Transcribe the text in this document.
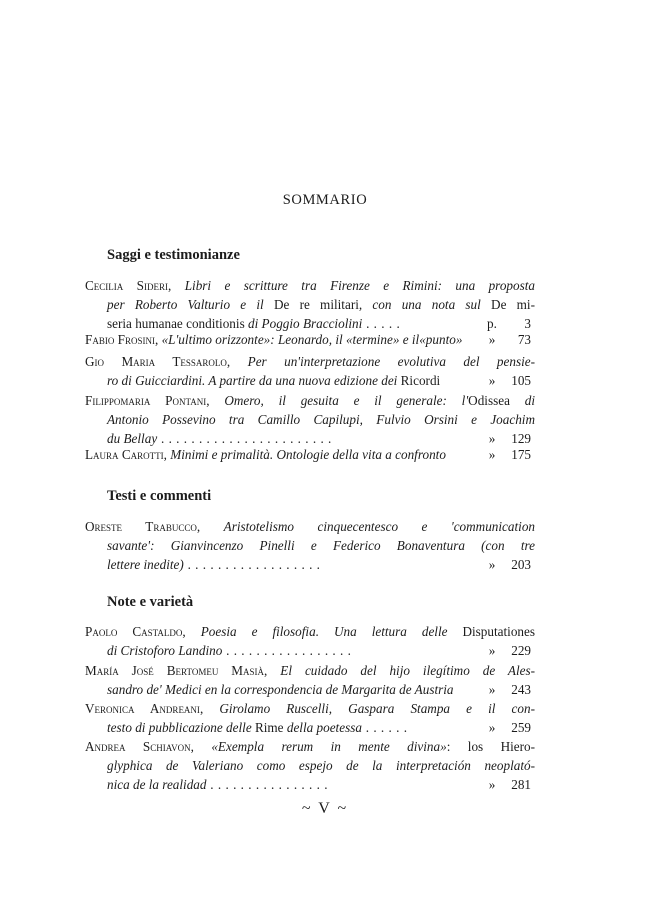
SOMMARIO
Saggi e testimonianze
Cecilia Sideri, Libri e scritture tra Firenze e Rimini: una proposta
per Roberto Valturio e il De re militari, con una nota sul De mi-
seria humanae conditionis di Poggio Bracciolini . . . . .	p.	3
Fabio Frosini, «L'ultimo orizzonte»: Leonardo, il «termine» e il«punto»	»	73
Gio Maria Tessarolo, Per un'interpretazione evolutiva del pensie-
ro di Guicciardini. A partire da una nuova edizione dei Ricordi	»	105
Filippomaria Pontani, Omero, il gesuita e il generale: l'Odissea di
Antonio Possevino tra Camillo Capilupi, Fulvio Orsini e Joachim
du Bellay . . . . . . . . . . . . . . . . . . . . . . .	»	129
Laura Carotti, Minimi e primalità. Ontologie della vita a confronto	»	175
Testi e commenti
Oreste Trabucco, Aristotelismo cinquecentesco e 'communication
savante': Gianvincenzo Pinelli e Federico Bonaventura (con tre
lettere inedite) . . . . . . . . . . . . . . . . . .	»	203
Note e varietà
Paolo Castaldo, Poesia e filosofia. Una lettura delle Disputationes
di Cristoforo Landino . . . . . . . . . . . . . . . . .	»	229
María José Bertomeu Masià, El cuidado del hijo ilegítimo de Ales-
sandro de' Medici en la correspondencia de Margarita de Austria	»	243
Veronica Andreani, Girolamo Ruscelli, Gaspara Stampa e il con-
testo di pubblicazione delle Rime della poetessa . . . . . .	»	259
Andrea Schiavon, «Exempla rerum in mente divina»: los Hiero-
glyphica de Valeriano como espejo de la interpretación neoplató-
nica de la realidad . . . . . . . . . . . . . . . .	»	281
~ V ~
